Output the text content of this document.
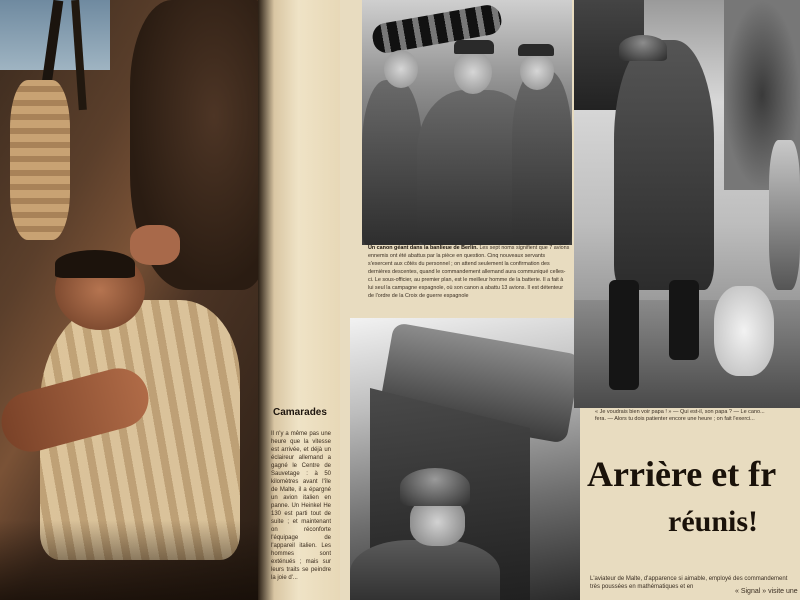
Camarades
Il n'y a même pas une heure que la vitesse est arrivée, et déjà un éclaireur allemand a gagné le Centre de Sauvetage : à 50 kilomètres avant l'île de Malte, il a épargné un avion italien en panne. Un Heinkel He 130 est parti tout de suite ; et maintenant on réconforte l'équipage de l'appareil italien. Les hommes sont exténués ; mais sur leurs traits se peindre la joie d'...
Un canon géant dans la banlieue de Berlin. Les sept noms signifient que 7 avions ennemis ont été abattus par la pièce en question. Cinq nouveaux servants s'exercent aux côtés du personnel ; on attend seulement la confirmation des dernières descentes, quand le commandement allemand aura communiqué celles-ci. Le sous-officier, au premier plan, est le meilleur homme de la batterie. Il a fait à lui seul la campagne espagnole, où son canon a abattu 13 avions. Il est détenteur de l'ordre de la Croix de guerre espagnole
« Je voudrais bien voir papa ! » — Qui est-il, son papa ? — Le cano...
fera. — Alors tu dois patienter encore une heure ; on fait l'exerci...
Arrière et fr
réunis!
L'aviateur de Malte, d'apparence si aimable, employé des commandement très poussées en mathématiques et en
« Signal » visite une
